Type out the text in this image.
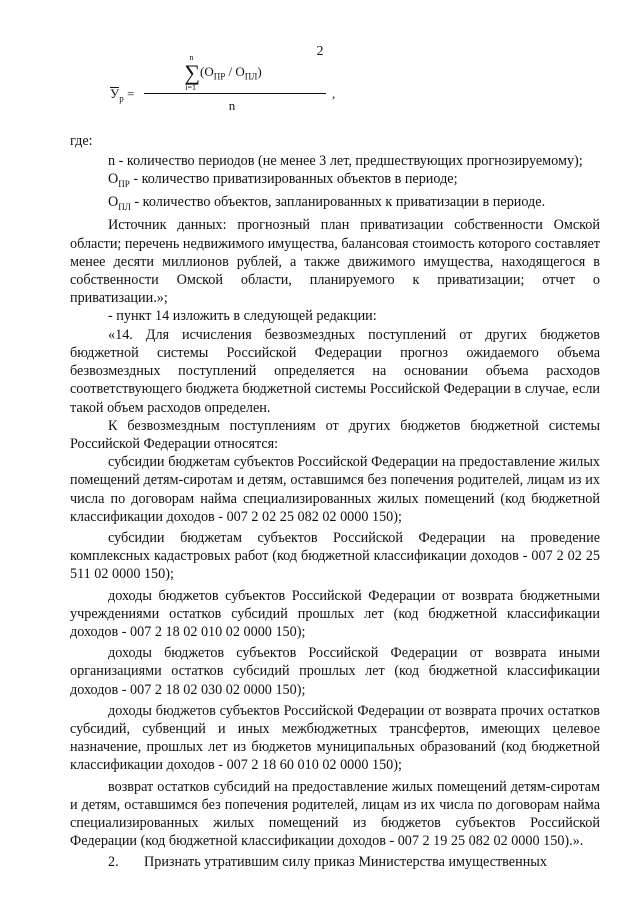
2
$У_р$ =
∑
n
i=1
$(О_{ПР} / О_{ПЛ})$
n
,

где:

n - количество периодов (не менее 3 лет, предшествующих прогнозируемому);

$О_{ПР}$ - количество приватизированных объектов в периоде;

$О_{ПЛ}$ - количество объектов, запланированных к приватизации в периоде.

Источник данных: прогнозный план приватизации собственности Омской области; перечень недвижимого имущества, балансовая стоимость которого составляет менее десяти миллионов рублей, а также движимого имущества, находящегося в собственности Омской области, планируемого к приватизации; отчет о приватизации.»;

- пункт 14 изложить в следующей редакции:

«14. Для исчисления безвозмездных поступлений от других бюджетов бюджетной системы Российской Федерации прогноз ожидаемого объема безвозмездных поступлений определяется на основании объема расходов соответствующего бюджета бюджетной системы Российской Федерации в случае, если такой объем расходов определен.

К безвозмездным поступлениям от других бюджетов бюджетной системы Российской Федерации относятся:

субсидии бюджетам субъектов Российской Федерации на предоставление жилых помещений детям-сиротам и детям, оставшимся без попечения родителей, лицам из их числа по договорам найма специализированных жилых помещений (код бюджетной классификации доходов - 007 2 02 25 082 02 0000 150);

субсидии бюджетам субъектов Российской Федерации на проведение комплексных кадастровых работ (код бюджетной классификации доходов - 007 2 02 25 511 02 0000 150);

доходы бюджетов субъектов Российской Федерации от возврата бюджетными учреждениями остатков субсидий прошлых лет (код бюджетной классификации доходов - 007 2 18 02 010 02 0000 150);

доходы бюджетов субъектов Российской Федерации от возврата иными организациями остатков субсидий прошлых лет (код бюджетной классификации доходов - 007 2 18 02 030 02 0000 150);

доходы бюджетов субъектов Российской Федерации от возврата прочих остатков субсидий, субвенций и иных межбюджетных трансфертов, имеющих целевое назначение, прошлых лет из бюджетов муниципальных образований (код бюджетной классификации доходов - 007 2 18 60 010 02 0000 150);

возврат остатков субсидий на предоставление жилых помещений детям-сиротам и детям, оставшимся без попечения родителей, лицам из их числа по договорам найма специализированных жилых помещений из бюджетов субъектов Российской Федерации (код бюджетной классификации доходов - 007 2 19 25 082 02 0000 150).».

2.	Признать утратившим силу приказ Министерства имущественных
